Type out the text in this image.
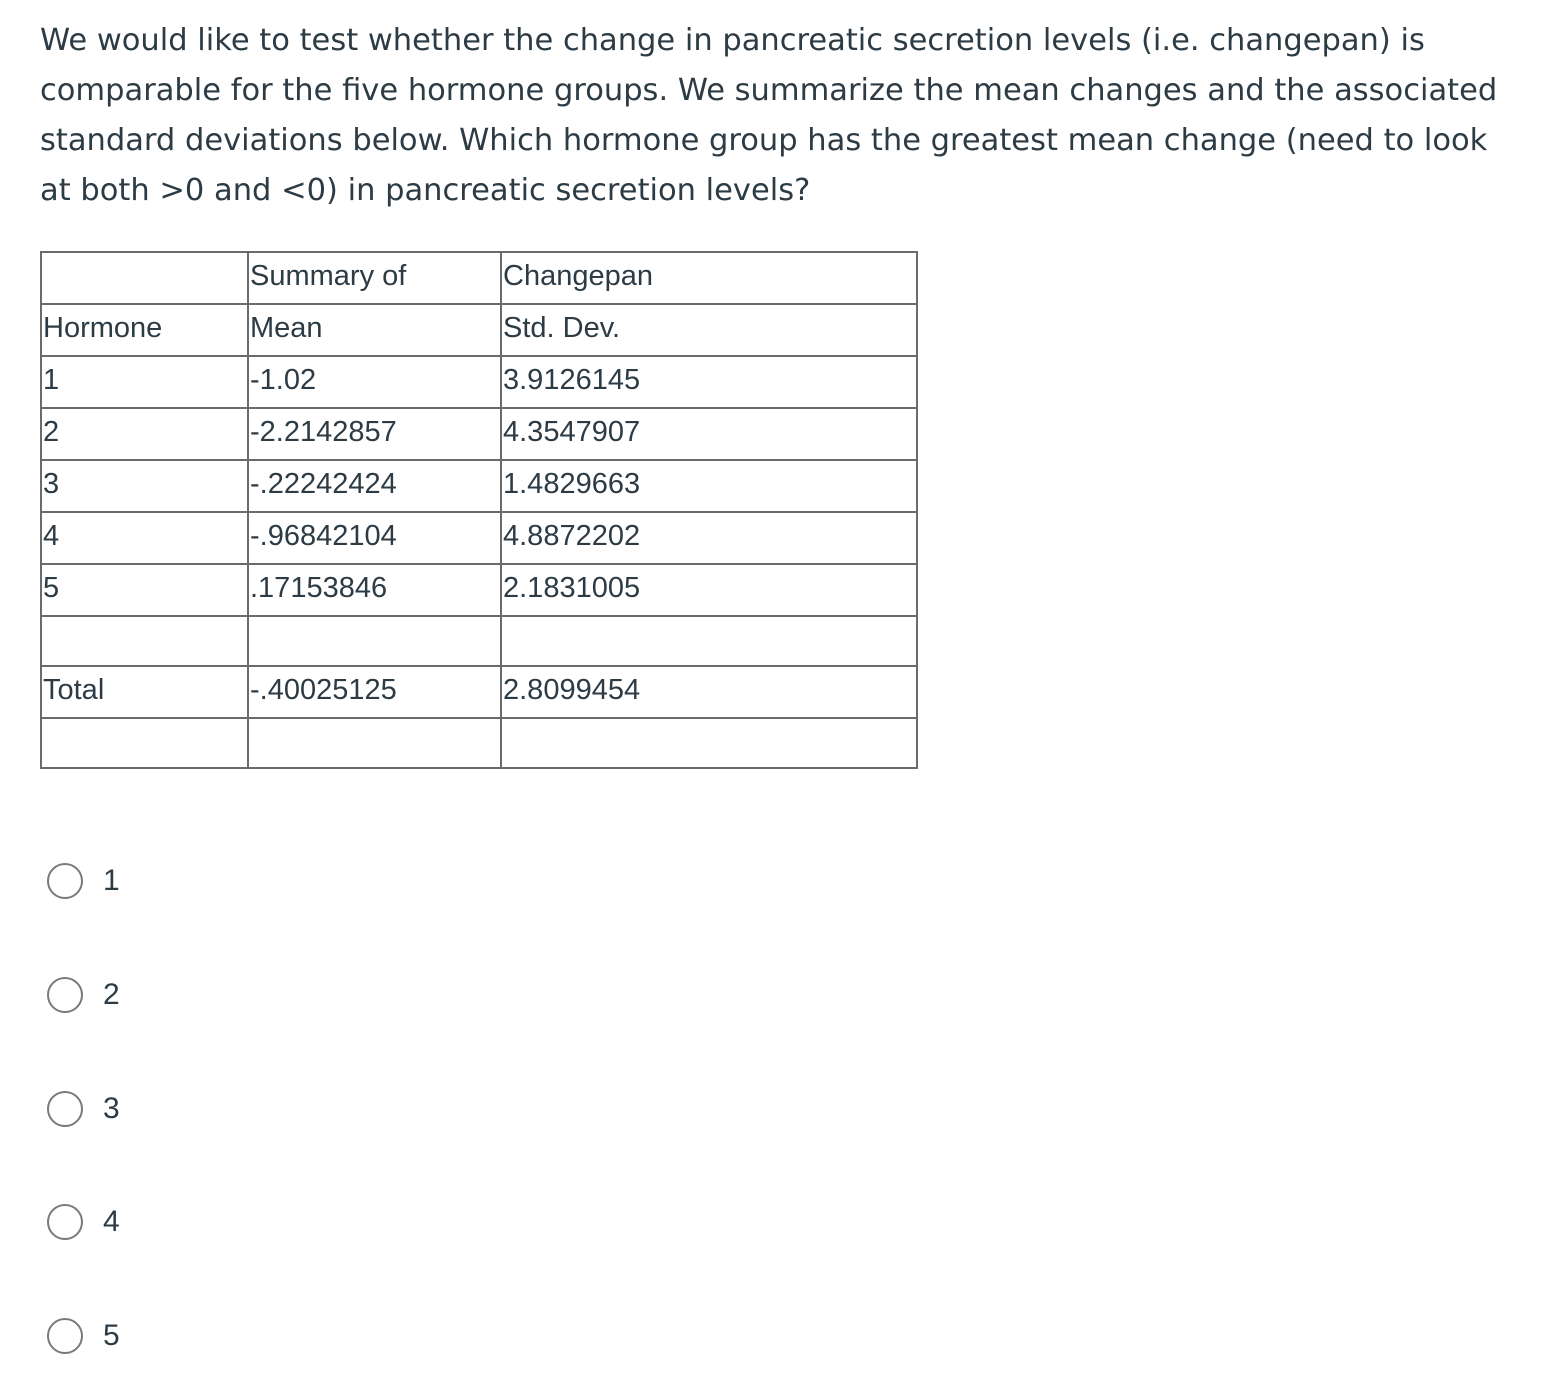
We would like to test whether the change in pancreatic secretion levels (i.e. changepan) is comparable for the five hormone groups. We summarize the mean changes and the associated standard deviations below. Which hormone group has the greatest mean change (need to look at both >0 and <0) in pancreatic secretion levels?

	Summary of	Changepan
Hormone	Mean	Std. Dev.
1	-1.02	3.9126145
2	-2.2142857	4.3547907
3	-.22242424	1.4829663
4	-.96842104	4.8872202
5	.17153846	2.1831005

Total	-.40025125	2.8099454

1
2
3
4
5
